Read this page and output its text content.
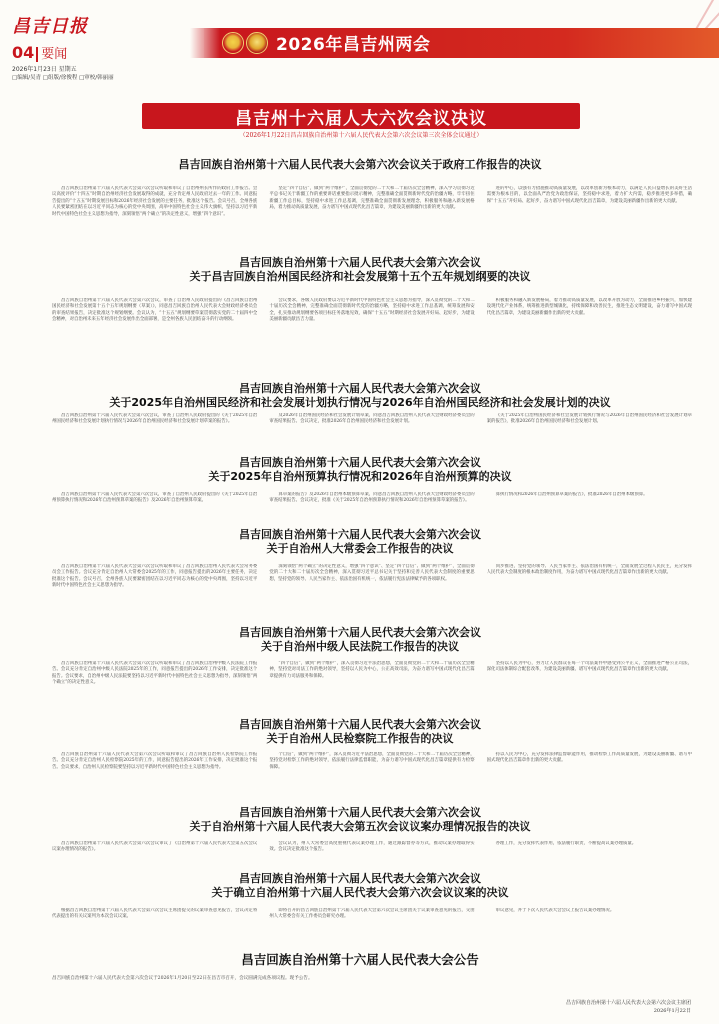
昌吉日报
04 要闻
2026年1月23日 星期五
□编辑/吴青 □组版/徐俊程 □审校/韩丽丽
2026年昌吉州两会
昌吉州十六届人大六次会议决议
（2026年1月22日昌吉回族自治州第十六届人民代表大会第六次会议第三次全体会议通过）
昌吉回族自治州第十六届人民代表大会第六次会议关于政府工作报告的决议

昌吉回族自治州第十六届人民代表大会第六次会议听取和审议了自治州州长所作的政府工作报告。会议高度评价“十四五”时期自治州经济社会发展取得的成就，充分肯定州人民政府过去一年的工作。同意报告提出的“十五五”时期发展目标和2026年经济社会发展的主要任务，批准这个报告。会议号召，全州各族人民要紧密团结在以习近平同志为核心的党中央周围，高举中国特色社会主义伟大旗帜，坚持以习近平新时代中国特色社会主义思想为指导，深刻领悟“两个确立”的决定性意义，增强“四个意识”。

坚定“四个自信”，做到“两个维护”，全面贯彻党的二十大和二十届历次全会精神，深入学习贯彻习近平总书记关于新疆工作的重要讲话重要指示批示精神，完整准确全面贯彻新时代党的治疆方略，牢牢扭住新疆工作总目标，坚持稳中求进工作总基调，完整准确全面贯彻新发展理念，积极服务和融入新发展格局，着力推动高质量发展，奋力谱写中国式现代化昌吉篇章，为建设美丽新疆作出新的更大贡献。

进的中心，以强有力措施推动高质量发展，以改革创新为根本动力，以满足人民日益增长的美好生活需要为根本目的，以全面从严治党为政治保证，坚持稳中求进，着力扩大内需，稳步推进更多举措，确保“十五五”开好局、起好步，奋力谱写中国式现代化昌吉篇章，为建设美丽新疆作出新的更大贡献。

昌吉回族自治州第十六届人民代表大会第六次会议
关于昌吉回族自治州国民经济和社会发展第十五个五年规划纲要的决议

昌吉回族自治州第十六届人民代表大会第六次会议，审查了自治州人民政府提出的《昌吉回族自治州国民经济和社会发展第十五个五年规划纲要（草案）》，同意昌吉回族自治州人民代表大会财政经济委员会的审查结果报告，决定批准这个规划纲要。会议认为，“十五五”规划纲要草案贯彻落实党的二十届四中全会精神，对自治州未来五年经济社会发展作出全面部署，是全州各族人民团结奋斗的行动纲领。

会议要求，各级人民政府要以习近平新时代中国特色社会主义思想为指导，深入贯彻党的二十大和二十届历次全会精神，完整准确全面贯彻新时代党的治疆方略，坚持稳中求进工作总基调，统筹发展和安全，扎实推动规划纲要各项目标任务落地见效，确保“十五五”时期经济社会发展开好局、起好步，为建设美丽新疆贡献昌吉力量。

积极服务和融入新发展格局，着力推动高质量发展，以改革开放为动力，全面推进乡村振兴，加快建设现代化产业体系，统筹推进新型城镇化，持续保障和改善民生，推进生态文明建设，奋力谱写中国式现代化昌吉篇章，为建设美丽新疆作出新的更大贡献。

昌吉回族自治州第十六届人民代表大会第六次会议
关于2025年自治州国民经济和社会发展计划执行情况与2026年自治州国民经济和社会发展计划的决议

昌吉回族自治州第十六届人民代表大会第六次会议，审查了自治州人民政府提出的《关于2025年自治州国民经济和社会发展计划执行情况与2026年自治州国民经济和社会发展计划草案的报告》。

及2026年自治州国民经济和社会发展计划草案，同意昌吉回族自治州人民代表大会财政经济委员会的审查结果报告。会议决定，批准2026年自治州国民经济和社会发展计划。

《关于2025年自治州国民经济和社会发展计划执行情况与2026年自治州国民经济和社会发展计划草案的报告》，批准2026年自治州国民经济和社会发展计划。

昌吉回族自治州第十六届人民代表大会第六次会议
关于2025年自治州预算执行情况和2026年自治州预算的决议

昌吉回族自治州第十六届人民代表大会第六次会议，审查了自治州人民政府提出的《关于2025年自治州预算执行情况和2026年自治州预算草案的报告》及2026年自治州预算草案。

算草案的报告》及2026年自治州本级预算草案，同意昌吉回族自治州人民代表大会财政经济委员会的审查结果报告。会议决定，批准《关于2025年自治州预算执行情况和2026年自治州预算草案的报告》。

算执行情况和2026年自治州预算草案的报告》，批准2026年自治州本级预算。

昌吉回族自治州第十六届人民代表大会第六次会议
关于自治州人大常委会工作报告的决议

昌吉回族自治州第十六届人民代表大会第六次会议听取和审议了昌吉回族自治州人民代表大会常务委员会工作报告。会议充分肯定自治州人大常委会2025年的工作，同意报告提出的2026年主要任务，决定批准这个报告。会议号召，全州各族人民要紧密团结在以习近平同志为核心的党中央周围，坚持以习近平新时代中国特色社会主义思想为指导。

深刻领悟“两个确立”的决定性意义，增强“四个意识”、坚定“四个自信”、做到“两个维护”，全面贯彻党的二十大和二十届历次全会精神，深入贯彻习近平总书记关于坚持和完善人民代表大会制度的重要思想，坚持党的领导、人民当家作主、依法治国有机统一，依法履行宪法法律赋予的各项职权。

同步推进，坚持党的领导、人民当家作主、依法治国有机统一，全面发展全过程人民民主，充分发挥人民代表大会制度的根本政治制度作用，为奋力谱写中国式现代化昌吉篇章作出新的更大贡献。

昌吉回族自治州第十六届人民代表大会第六次会议
关于自治州中级人民法院工作报告的决议

昌吉回族自治州第十六届人民代表大会第六次会议听取和审议了昌吉回族自治州中级人民法院工作报告。会议充分肯定自治州中级人民法院2025年的工作，同意报告提出的2026年工作安排，决定批准这个报告。会议要求，自治州中级人民法院要坚持以习近平新时代中国特色社会主义思想为指导，深刻领悟“两个确立”的决定性意义。

“四个自信”，做到“两个维护”，深入贯彻习近平法治思想，全面贯彻党的二十大和二十届历次全会精神，坚持党对司法工作的绝对领导，坚持以人民为中心，公正高效司法，为奋力谱写中国式现代化昌吉篇章提供有力司法服务和保障。

坚持以人民为中心，努力让人民群众在每一个司法案件中感受到公平正义，全面推进严格公正司法，深化司法体制综合配套改革，为建设美丽新疆、谱写中国式现代化昌吉篇章作出新的更大贡献。

昌吉回族自治州第十六届人民代表大会第六次会议
关于自治州人民检察院工作报告的决议

昌吉回族自治州第十六届人民代表大会第六次会议听取和审议了昌吉回族自治州人民检察院工作报告。会议充分肯定自治州人民检察院2025年的工作，同意报告提出的2026年工作安排，决定批准这个报告。会议要求，自治州人民检察院要坚持以习近平新时代中国特色社会主义思想为指导。

个自信”，做到“两个维护”，深入贯彻习近平法治思想，全面贯彻党的二十大和二十届历次全会精神，坚持党对检察工作的绝对领导，依法履行法律监督职能，为奋力谱写中国式现代化昌吉篇章提供有力检察保障。

持以人民为中心，充分发挥法律监督职能作用，推动检察工作高质量发展，为建设美丽新疆、谱写中国式现代化昌吉篇章作出新的更大贡献。

昌吉回族自治州第十六届人民代表大会第六次会议
关于自治州第十六届人民代表大会第五次会议议案办理情况报告的决议

昌吉回族自治州第十六届人民代表大会第六次会议审议了《自治州第十六届人民代表大会第五次会议议案办理情况的报告》。

会议认为，州人大常委会高度重视代表议案办理工作，通过跟踪督办等方式，推动议案办理取得实效。会议决定批准这个报告。

办理工作，充分发挥代表作用，依法履行职责，不断提高议案办理质量。

昌吉回族自治州第十六届人民代表大会第六次会议
关于确立自治州第十六届人民代表大会第六次会议议案的决议

根据昌吉回族自治州第十六届人民代表大会第六次会议主席团提交的议案审查意见报告，会议决定将代表提出的有关议案列为本次会议议案。

即将召开的昌吉回族自治州第十六届人民代表大会第六次会议主席团关于议案审查意见的报告，交由州人大常委会有关工作委员会研究办理。

审议意见，并于下次人民代表大会会议上报告议案办理情况。

昌吉回族自治州第十六届人民代表大会公告
昌吉回族自治州第十六届人民代表大会第六次会议于2026年1月20日至22日在昌吉市召开，会议圆满完成各项议程。现予公告。
昌吉回族自治州第十六届人民代表大会第六次会议主席团
2026年1月22日
